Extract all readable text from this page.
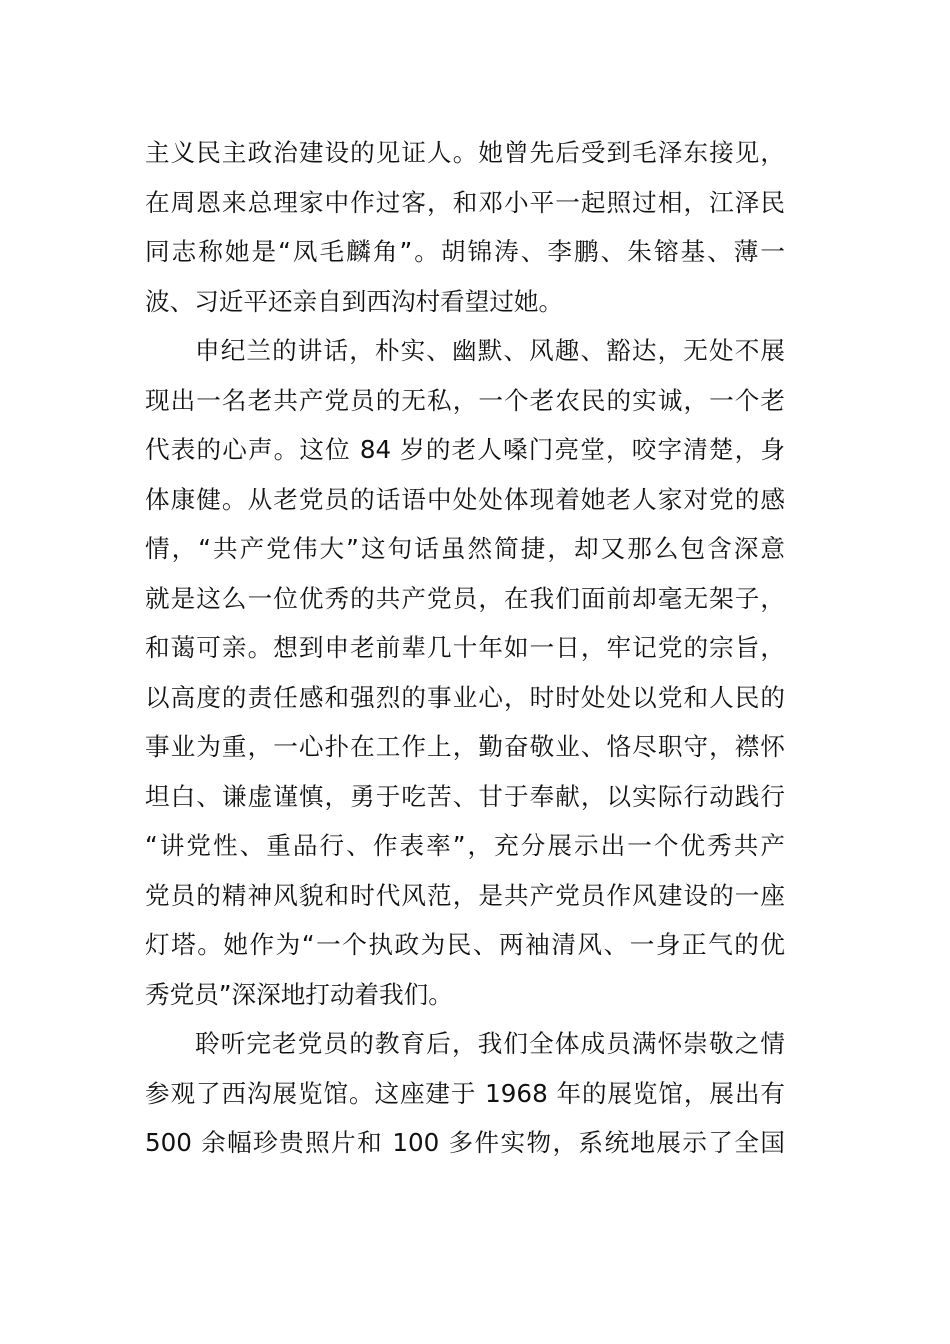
主义民主政治建设的见证人。她曾先后受到毛泽东接见，
在周恩来总理家中作过客，和邓小平一起照过相，江泽民
同志称她是“凤毛麟角”。胡锦涛、李鹏、朱镕基、薄一
波、习近平还亲自到西沟村看望过她。
申纪兰的讲话，朴实、幽默、风趣、豁达，无处不展
现出一名老共产党员的无私，一个老农民的实诚，一个老
代表的心声。这位 84 岁的老人嗓门亮堂，咬字清楚，身
体康健。从老党员的话语中处处体现着她老人家对党的感
情，“共产党伟大”这句话虽然简捷，却又那么包含深意
就是这么一位优秀的共产党员，在我们面前却毫无架子，
和蔼可亲。想到申老前辈几十年如一日，牢记党的宗旨，
以高度的责任感和强烈的事业心，时时处处以党和人民的
事业为重，一心扑在工作上，勤奋敬业、恪尽职守，襟怀
坦白、谦虚谨慎，勇于吃苦、甘于奉献，以实际行动践行
“讲党性、重品行、作表率”，充分展示出一个优秀共产
党员的精神风貌和时代风范，是共产党员作风建设的一座
灯塔。她作为“一个执政为民、两袖清风、一身正气的优
秀党员”深深地打动着我们。
聆听完老党员的教育后，我们全体成员满怀崇敬之情
参观了西沟展览馆。这座建于 1968 年的展览馆，展出有
500 余幅珍贵照片和 100 多件实物，系统地展示了全国
